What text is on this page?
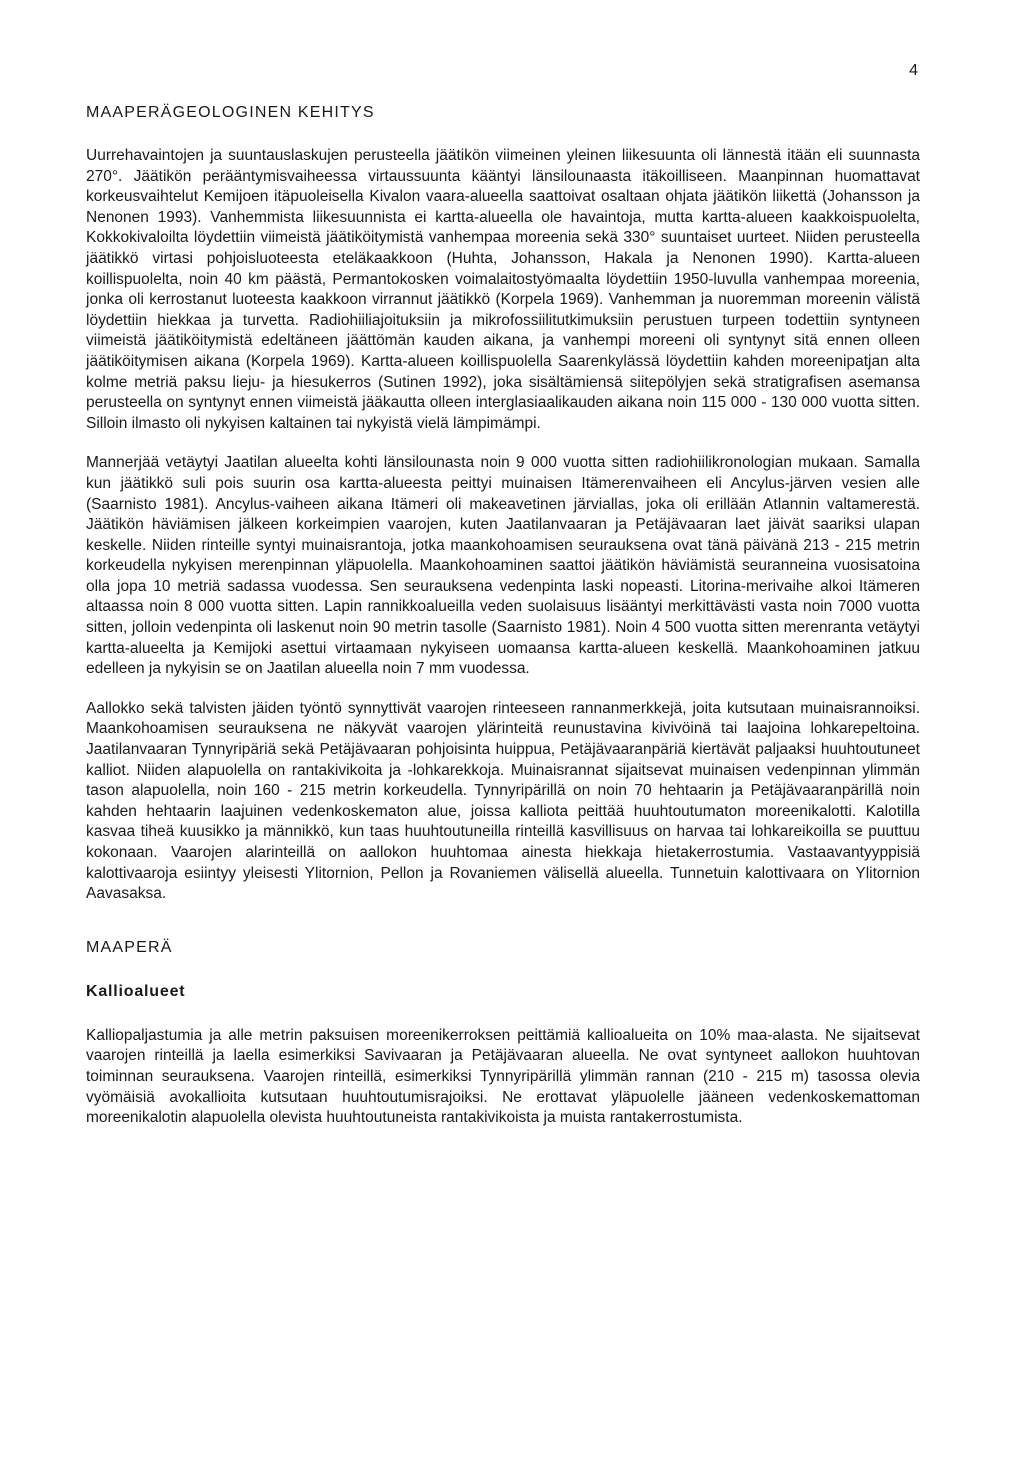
4
MAAPERÄGEOLOGINEN KEHITYS

Uurrehavaintojen ja suuntauslaskujen perusteella jäätikön viimeinen yleinen liikesuunta oli lännestä itään eli suunnasta 270°. Jäätikön perääntymisvaiheessa virtaussuunta kääntyi länsilounaasta itäkoilliseen. Maanpinnan huomattavat korkeusvaihtelut Kemijoen itäpuoleisella Kivalon vaara-alueella saattoivat osaltaan ohjata jäätikön liikettä (Johansson ja Nenonen 1993). Vanhemmista liikesuunnista ei kartta-alueella ole havaintoja, mutta kartta-alueen kaakkoispuolelta, Kokkokivaloilta löydettiin viimeistä jäätiköitymistä vanhempaa moreenia sekä 330° suuntaiset uurteet. Niiden perusteella jäätikkö virtasi pohjoisluoteesta eteläkaakkoon (Huhta, Johansson, Hakala ja Nenonen 1990). Kartta-alueen koillispuolelta, noin 40 km päästä, Permantokosken voimalaitostyömaalta löydettiin 1950-luvulla vanhempaa moreenia, jonka oli kerrostanut luoteesta kaakkoon virrannut jäätikkö (Korpela 1969). Vanhemman ja nuoremman moreenin välistä löydettiin hiekkaa ja turvetta. Radiohiiliajoituksiin ja mikrofossiilitutkimuksiin perustuen turpeen todettiin syntyneen viimeistä jäätiköitymistä edeltäneen jäättömän kauden aikana, ja vanhempi moreeni oli syntynyt sitä ennen olleen jäätiköitymisen aikana (Korpela 1969). Kartta-alueen koillispuolella Saarenkylässä löydettiin kahden moreenipatjan alta kolme metriä paksu lieju- ja hiesukerros (Sutinen 1992), joka sisältämiensä siitepölyjen sekä stratigrafisen asemansa perusteella on syntynyt ennen viimeistä jääkautta olleen interglasiaalikauden aikana noin 115 000 - 130 000 vuotta sitten. Silloin ilmasto oli nykyisen kaltainen tai nykyistä vielä lämpimämpi.

Mannerjää vetäytyi Jaatilan alueelta kohti länsilounasta noin 9 000 vuotta sitten radiohiilikronologian mukaan. Samalla kun jäätikkö suli pois suurin osa kartta-alueesta peittyi muinaisen Itämerenvaiheen eli Ancylus-järven vesien alle (Saarnisto 1981). Ancylus-vaiheen aikana Itämeri oli makeavetinen järviallas, joka oli erillään Atlannin valtamerestä. Jäätikön häviämisen jälkeen korkeimpien vaarojen, kuten Jaatilanvaaran ja Petäjävaaran laet jäivät saariksi ulapan keskelle. Niiden rinteille syntyi muinaisrantoja, jotka maankohoamisen seurauksena ovat tänä päivänä 213 - 215 metrin korkeudella nykyisen merenpinnan yläpuolella. Maankohoaminen saattoi jäätikön häviämistä seuranneina vuosisatoina olla jopa 10 metriä sadassa vuodessa. Sen seurauksena vedenpinta laski nopeasti. Litorina-merivaihe alkoi Itämeren altaassa noin 8 000 vuotta sitten. Lapin rannikkoalueilla veden suolaisuus lisääntyi merkittävästi vasta noin 7000 vuotta sitten, jolloin vedenpinta oli laskenut noin 90 metrin tasolle (Saarnisto 1981). Noin 4 500 vuotta sitten merenranta vetäytyi kartta-alueelta ja Kemijoki asettui virtaamaan nykyiseen uomaansa kartta-alueen keskellä. Maankohoaminen jatkuu edelleen ja nykyisin se on Jaatilan alueella noin 7 mm vuodessa.

Aallokko sekä talvisten jäiden työntö synnyttivät vaarojen rinteeseen rannanmerkkejä, joita kutsutaan muinaisrannoiksi. Maankohoamisen seurauksena ne näkyvät vaarojen ylärinteitä reunustavina kivivöinä tai laajoina lohkarepeltoina. Jaatilanvaaran Tynnyripäriä sekä Petäjävaaran pohjoisinta huippua, Petäjävaaranpäriä kiertävät paljaaksi huuhtoutuneet kalliot. Niiden alapuolella on rantakivikoita ja -lohkarekkoja. Muinaisrannat sijaitsevat muinaisen vedenpinnan ylimmän tason alapuolella, noin 160 - 215 metrin korkeudella. Tynnyripärillä on noin 70 hehtaarin ja Petäjävaaranpärillä noin kahden hehtaarin laajuinen vedenkoskematon alue, joissa kalliota peittää huuhtoutumaton moreenikalotti. Kalotilla kasvaa tiheä kuusikko ja männikkö, kun taas huuhtoutuneilla rinteillä kasvillisuus on harvaa tai lohkareikoilla se puuttuu kokonaan. Vaarojen alarinteillä on aallokon huuhtomaa ainesta hiekkaja hietakerrostumia. Vastaavantyyppisiä kalottivaaroja esiintyy yleisesti Ylitornion, Pellon ja Rovaniemen välisellä alueella. Tunnetuin kalottivaara on Ylitornion Aavasaksa.

MAAPERÄ
Kallioalueet

Kalliopaljastumia ja alle metrin paksuisen moreenikerroksen peittämiä kallioalueita on 10% maa-alasta. Ne sijaitsevat vaarojen rinteillä ja laella esimerkiksi Savivaaran ja Petäjävaaran alueella. Ne ovat syntyneet aallokon huuhtovan toiminnan seurauksena. Vaarojen rinteillä, esimerkiksi Tynnyripärillä ylimmän rannan (210 - 215 m) tasossa olevia vyömäisiä avokallioita kutsutaan huuhtoutumisrajoiksi. Ne erottavat yläpuolelle jääneen vedenkoskemattoman moreenikalotin alapuolella olevista huuhtoutuneista rantakivikoista ja muista rantakerrostumista.
